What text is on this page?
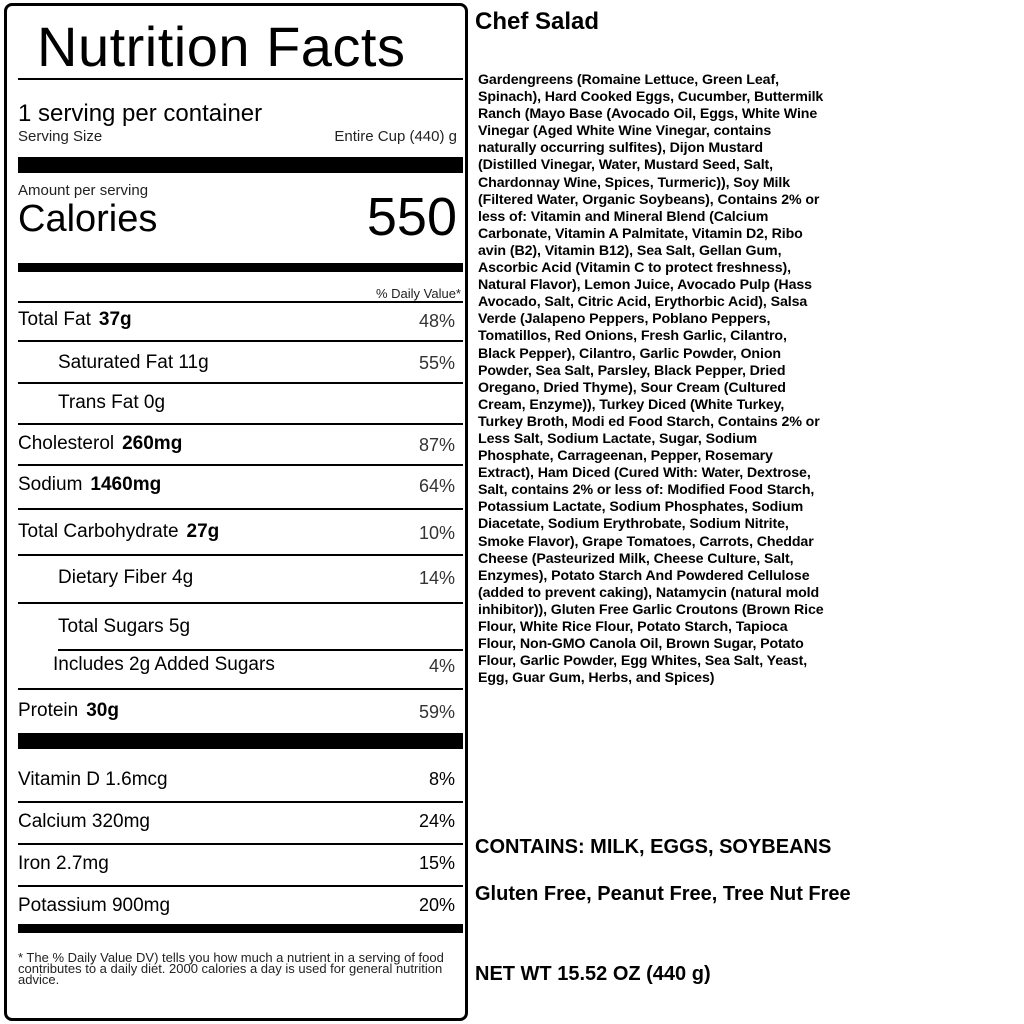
Nutrition Facts
1 serving per container
Serving Size	Entire Cup (440) g
Amount per serving
Calories	550
% Daily Value*
Total Fat 37g	48%
Saturated Fat 11g	55%
Trans Fat 0g
Cholesterol 260mg	87%
Sodium 1460mg	64%
Total Carbohydrate 27g	10%
Dietary Fiber 4g	14%
Total Sugars 5g
Includes 2g Added Sugars	4%
Protein 30g	59%
Vitamin D 1.6mcg	8%
Calcium 320mg	24%
Iron 2.7mg	15%
Potassium 900mg	20%
* The % Daily Value DV) tells you how much a nutrient in a serving of food contributes to a daily diet. 2000 calories a day is used for general nutrition advice.
Chef Salad
Gardengreens (Romaine Lettuce, Green Leaf, Spinach), Hard Cooked Eggs, Cucumber, Buttermilk Ranch (Mayo Base (Avocado Oil, Eggs, White Wine Vinegar (Aged White Wine Vinegar, contains naturally occurring sulfites), Dijon Mustard (Distilled Vinegar, Water, Mustard Seed, Salt, Chardonnay Wine, Spices, Turmeric)), Soy Milk (Filtered Water, Organic Soybeans), Contains 2% or less of: Vitamin and Mineral Blend (Calcium Carbonate, Vitamin A Palmitate, Vitamin D2, Ribo avin (B2), Vitamin B12), Sea Salt, Gellan Gum, Ascorbic Acid (Vitamin C to protect freshness), Natural Flavor), Lemon Juice, Avocado Pulp (Hass Avocado, Salt, Citric Acid, Erythorbic Acid), Salsa Verde (Jalapeno Peppers, Poblano Peppers, Tomatillos, Red Onions, Fresh Garlic, Cilantro, Black Pepper), Cilantro, Garlic Powder, Onion Powder, Sea Salt, Parsley, Black Pepper, Dried Oregano, Dried Thyme), Sour Cream (Cultured Cream, Enzyme)), Turkey Diced (White Turkey, Turkey Broth, Modi ed Food Starch, Contains 2% or Less Salt, Sodium Lactate, Sugar, Sodium Phosphate, Carrageenan, Pepper, Rosemary Extract), Ham Diced (Cured With: Water, Dextrose, Salt, contains 2% or less of: Modified Food Starch, Potassium Lactate, Sodium Phosphates, Sodium Diacetate, Sodium Erythrobate, Sodium Nitrite, Smoke Flavor), Grape Tomatoes, Carrots, Cheddar Cheese (Pasteurized Milk, Cheese Culture, Salt, Enzymes), Potato Starch And Powdered Cellulose (added to prevent caking), Natamycin (natural mold inhibitor)), Gluten Free Garlic Croutons (Brown Rice Flour, White Rice Flour, Potato Starch, Tapioca Flour, Non-GMO Canola Oil, Brown Sugar, Potato Flour, Garlic Powder, Egg Whites, Sea Salt, Yeast, Egg, Guar Gum, Herbs, and Spices)
CONTAINS: MILK, EGGS, SOYBEANS
Gluten Free, Peanut Free, Tree Nut Free
NET WT 15.52 OZ (440 g)
